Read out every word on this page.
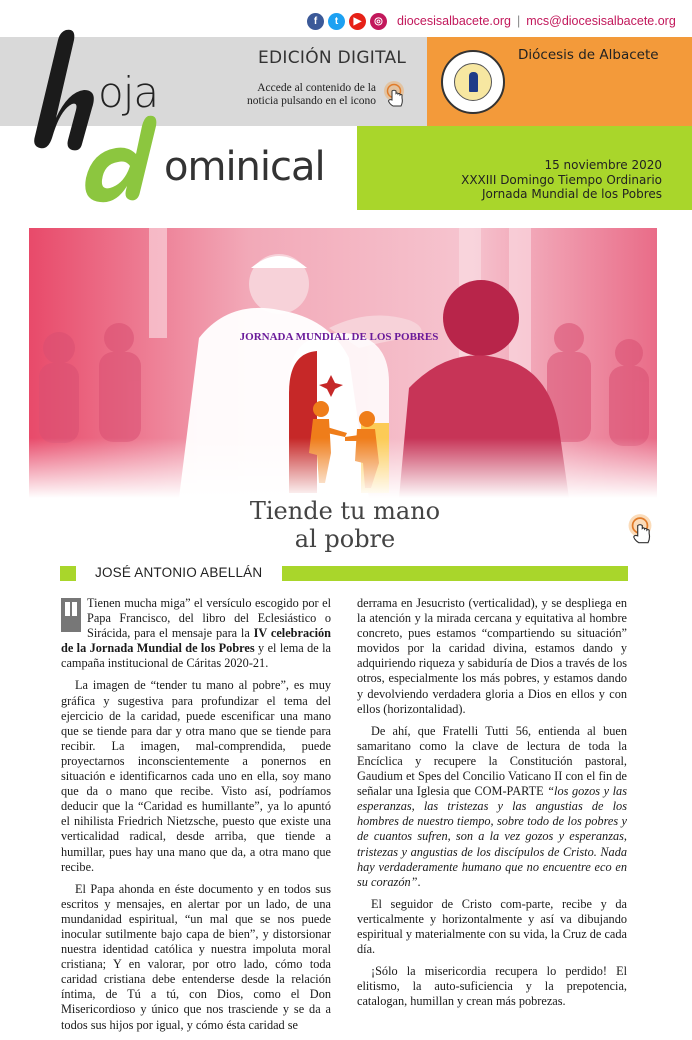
f	t	▶	◎	diocesisalbacete.org | mcs@diocesisalbacete.org
EDICIÓN DIGITAL
Accede al contenido de la
noticia pulsando en el icono
Diócesis de Albacete
oja
ominical	15 noviembre 2020
XXXIII Domingo Tiempo Ordinario
Jornada Mundial de los Pobres
JORNADA MUNDIAL DE LOS POBRES
Tiende tu mano
al pobre
JOSÉ ANTONIO ABELLÁN

Tienen mucha miga” el versículo escogido por el Papa Francisco, del libro del Eclesiástico o Sirácida, para el mensaje para la IV celebración de la Jornada Mundial de los Pobres y el lema de la campaña institucional de Cáritas 2020-21.

La imagen de “tender tu mano al pobre”, es muy gráfica y sugestiva para profundizar el tema del ejercicio de la caridad, puede escenificar una mano que se tiende para dar y otra mano que se tiende para recibir. La imagen, mal-comprendida, puede proyectarnos inconscientemente a ponernos en situación e identificarnos cada uno en ella, soy mano que da o mano que recibe. Visto así, podríamos deducir que la “Caridad es humillante”, ya lo apuntó el nihilista Friedrich Nietzsche, puesto que existe una verticalidad radical, desde arriba, que tiende a humillar, pues hay una mano que da, a otra mano que recibe.

El Papa ahonda en éste documento y en todos sus escritos y mensajes, en alertar por un lado, de una mundanidad espiritual, “un mal que se nos puede inocular sutilmente bajo capa de bien”, y distorsionar nuestra identidad católica y nuestra impoluta moral cristiana; Y en valorar, por otro lado, cómo toda caridad cristiana debe entenderse desde la relación íntima, de Tú a tú, con Dios, como el Don Misericordioso y único que nos trasciende y se da a todos sus hijos por igual, y cómo ésta caridad se

derrama en Jesucristo (verticalidad), y se despliega en la atención y la mirada cercana y equitativa al hombre concreto, pues estamos “compartiendo su situación” movidos por la caridad divina, estamos dando y adquiriendo riqueza y sabiduría de Dios a través de los otros, especialmente los más pobres, y estamos dando y devolviendo verdadera gloria a Dios en ellos y con ellos (horizontalidad).

De ahí, que Fratelli Tutti 56, entienda al buen samaritano como la clave de lectura de toda la Encíclica y recupere la Constitución pastoral, Gaudium et Spes del Concilio Vaticano II con el fin de señalar una Iglesia que COM-PARTE “los gozos y las esperanzas, las tristezas y las angustias de los hombres de nuestro tiempo, sobre todo de los pobres y de cuantos sufren, son a la vez gozos y esperanzas, tristezas y angustias de los discípulos de Cristo. Nada hay verdaderamente humano que no encuentre eco en su corazón”.

El seguidor de Cristo com-parte, recibe y da verticalmente y horizontalmente y así va dibujando espiritual y materialmente con su vida, la Cruz de cada día.

¡Sólo la misericordia recupera lo perdido! El elitismo, la auto-suficiencia y la prepotencia, catalogan, humillan y crean más pobrezas.
